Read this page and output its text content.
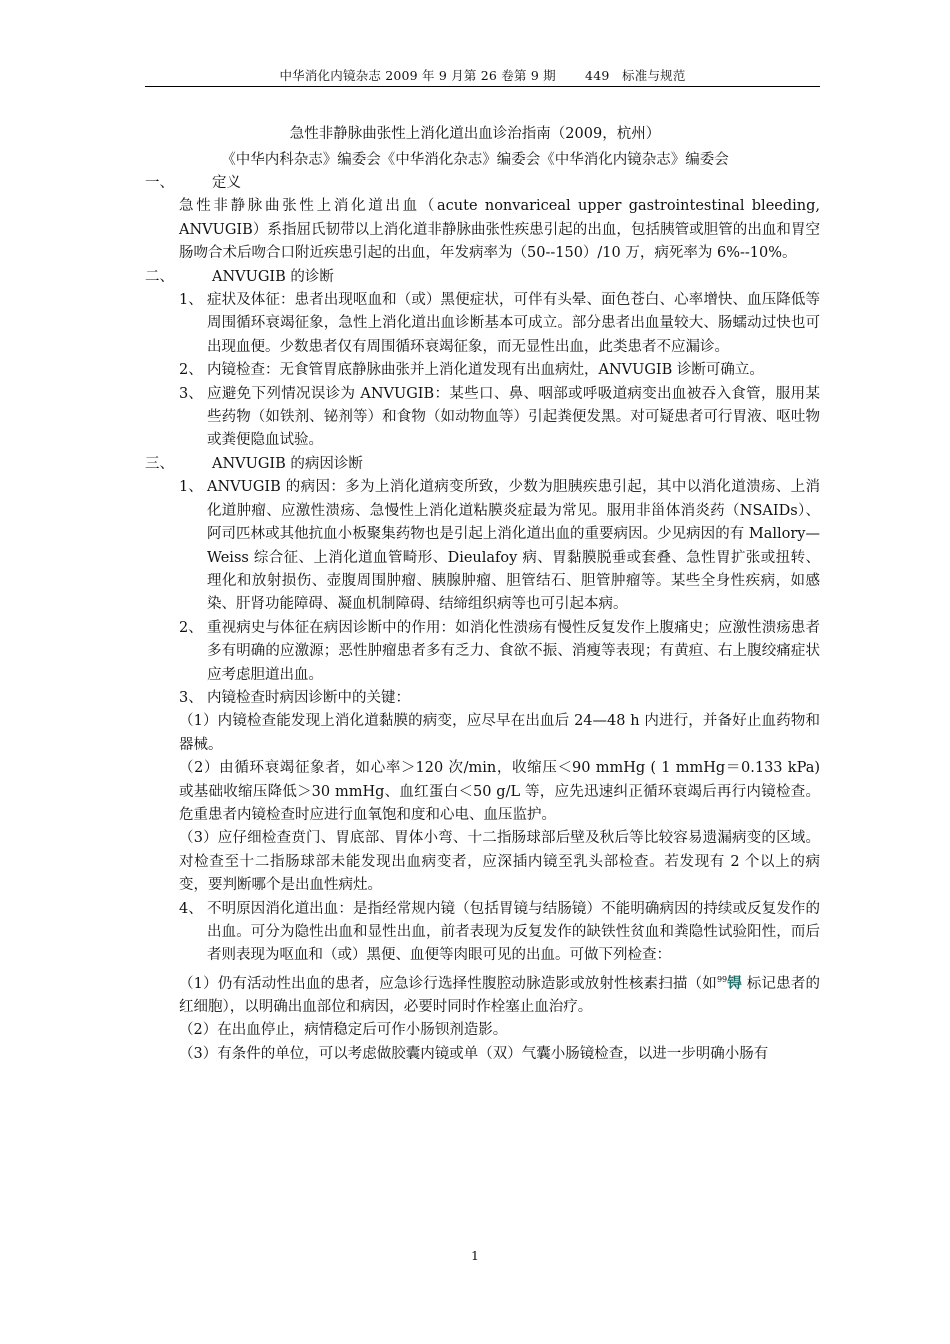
中华消化内镜杂志 2009 年 9 月第 26 卷第 9 期       449   标准与规范
急性非静脉曲张性上消化道出血诊治指南（2009，杭州）
《中华内科杂志》编委会《中华消化杂志》编委会《中华消化内镜杂志》编委会
一、	定义
急性非静脉曲张性上消化道出血（acute nonvariceal upper gastrointestinal bleeding, ANVUGIB）系指屈氏韧带以上消化道非静脉曲张性疾患引起的出血，包括胰管或胆管的出血和胃空肠吻合术后吻合口附近疾患引起的出血，年发病率为（50--150）/10 万，病死率为 6%--10%。
二、	ANVUGIB 的诊断
1、 症状及体征：患者出现呕血和（或）黑便症状，可伴有头晕、面色苍白、心率增快、血压降低等周围循环衰竭征象，急性上消化道出血诊断基本可成立。部分患者出血量较大、肠蠕动过快也可出现血便。少数患者仅有周围循环衰竭征象，而无显性出血，此类患者不应漏诊。
2、 内镜检查：无食管胃底静脉曲张并上消化道发现有出血病灶，ANVUGIB 诊断可确立。
3、 应避免下列情况误诊为 ANVUGIB：某些口、鼻、咽部或呼吸道病变出血被吞入食管，服用某些药物（如铁剂、铋剂等）和食物（如动物血等）引起粪便发黑。对可疑患者可行胃液、呕吐物或粪便隐血试验。
三、	ANVUGIB 的病因诊断
1、 ANVUGIB 的病因：多为上消化道病变所致，少数为胆胰疾患引起，其中以消化道溃疡、上消化道肿瘤、应激性溃疡、急慢性上消化道粘膜炎症最为常见。服用非甾体消炎药（NSAIDs）、阿司匹林或其他抗血小板聚集药物也是引起上消化道出血的重要病因。少见病因的有 Mallory—Weiss 综合征、上消化道血管畸形、Dieulafoy 病、胃黏膜脱垂或套叠、急性胃扩张或扭转、理化和放射损伤、壶腹周围肿瘤、胰腺肿瘤、胆管结石、胆管肿瘤等。某些全身性疾病，如感染、肝肾功能障碍、凝血机制障碍、结缔组织病等也可引起本病。
2、 重视病史与体征在病因诊断中的作用：如消化性溃疡有慢性反复发作上腹痛史；应激性溃疡患者多有明确的应激源；恶性肿瘤患者多有乏力、食欲不振、消瘦等表现；有黄疸、右上腹绞痛症状应考虑胆道出血。
3、 内镜检查时病因诊断中的关键：
（1）内镜检查能发现上消化道黏膜的病变，应尽早在出血后 24—48 h 内进行，并备好止血药物和器械。
（2）由循环衰竭征象者，如心率＞120 次/min，收缩压＜90 mmHg ( 1 mmHg＝0.133 kPa) 或基础收缩压降低＞30 mmHg、血红蛋白＜50 g/L 等，应先迅速纠正循环衰竭后再行内镜检查。危重患者内镜检查时应进行血氧饱和度和心电、血压监护。
（3）应仔细检查贲门、胃底部、胃体小弯、十二指肠球部后壁及秋后等比较容易遗漏病变的区域。对检查至十二指肠球部未能发现出血病变者，应深插内镜至乳头部检查。若发现有 2 个以上的病变，要判断哪个是出血性病灶。
4、 不明原因消化道出血：是指经常规内镜（包括胃镜与结肠镜）不能明确病因的持续或反复发作的出血。可分为隐性出血和显性出血，前者表现为反复发作的缺铁性贫血和粪隐性试验阳性，而后者则表现为呕血和（或）黑便、血便等肉眼可见的出血。可做下列检查：
（1）仍有活动性出血的患者，应急诊行选择性腹腔动脉造影或放射性核素扫描（如$^{99}$锝 标记患者的红细胞），以明确出血部位和病因，必要时同时作栓塞止血治疗。
（2）在出血停止，病情稳定后可作小肠钡剂造影。
（3）有条件的单位，可以考虑做胶囊内镜或单（双）气囊小肠镜检查，以进一步明确小肠有
1
